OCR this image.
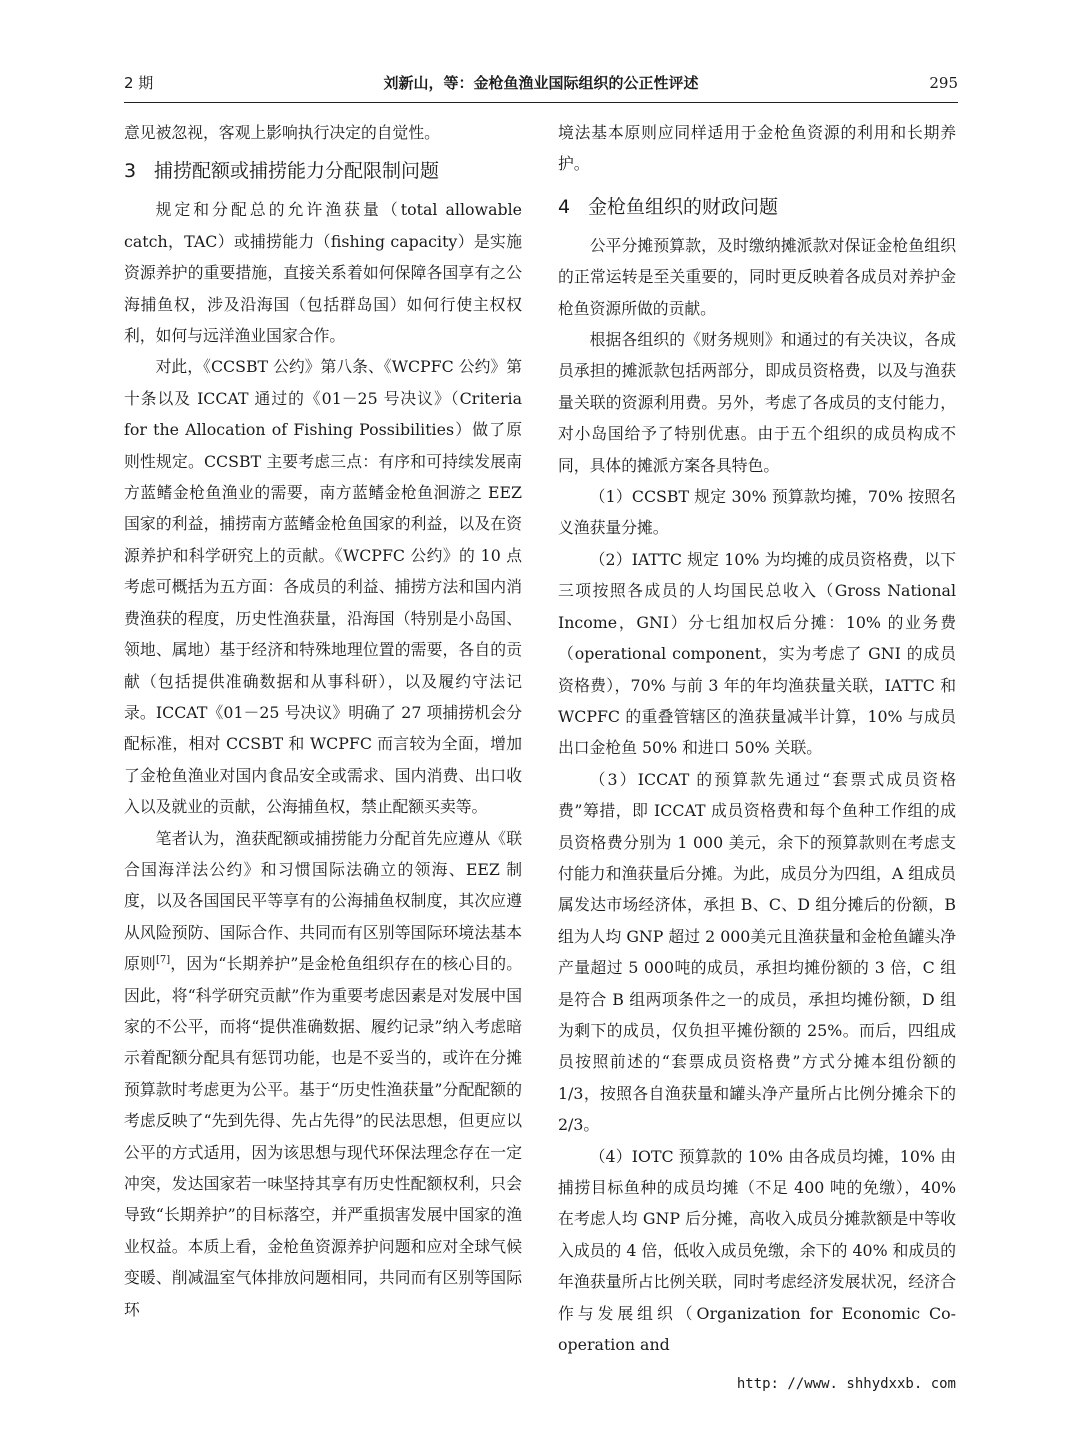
2 期	刘新山，等：金枪鱼渔业国际组织的公正性评述	295

意见被忽视，客观上影响执行决定的自觉性。

3 捕捞配额或捕捞能力分配限制问题

规定和分配总的允许渔获量（total allowable catch，TAC）或捕捞能力（fishing capacity）是实施资源养护的重要措施，直接关系着如何保障各国享有之公海捕鱼权，涉及沿海国（包括群岛国）如何行使主权权利，如何与远洋渔业国家合作。

对此，《CCSBT 公约》第八条、《WCPFC 公约》第十条以及 ICCAT 通过的《01－25 号决议》（Criteria for the Allocation of Fishing Possibilities）做了原则性规定。CCSBT 主要考虑三点：有序和可持续发展南方蓝鳍金枪鱼渔业的需要，南方蓝鳍金枪鱼洄游之 EEZ 国家的利益，捕捞南方蓝鳍金枪鱼国家的利益，以及在资源养护和科学研究上的贡献。《WCPFC 公约》的 10 点考虑可概括为五方面：各成员的利益、捕捞方法和国内消费渔获的程度，历史性渔获量，沿海国（特别是小岛国、领地、属地）基于经济和特殊地理位置的需要，各自的贡献（包括提供准确数据和从事科研），以及履约守法记录。ICCAT《01－25 号决议》明确了 27 项捕捞机会分配标准，相对 CCSBT 和 WCPFC 而言较为全面，增加了金枪鱼渔业对国内食品安全或需求、国内消费、出口收入以及就业的贡献，公海捕鱼权，禁止配额买卖等。

笔者认为，渔获配额或捕捞能力分配首先应遵从《联合国海洋法公约》和习惯国际法确立的领海、EEZ 制度，以及各国国民平等享有的公海捕鱼权制度，其次应遵从风险预防、国际合作、共同而有区别等国际环境法基本原则[7]，因为“长期养护”是金枪鱼组织存在的核心目的。因此，将“科学研究贡献”作为重要考虑因素是对发展中国家的不公平，而将“提供准确数据、履约记录”纳入考虑暗示着配额分配具有惩罚功能，也是不妥当的，或许在分摊预算款时考虑更为公平。基于“历史性渔获量”分配配额的考虑反映了“先到先得、先占先得”的民法思想，但更应以公平的方式适用，因为该思想与现代环保法理念存在一定冲突，发达国家若一味坚持其享有历史性配额权利，只会导致“长期养护”的目标落空，并严重损害发展中国家的渔业权益。本质上看，金枪鱼资源养护问题和应对全球气候变暖、削减温室气体排放问题相同，共同而有区别等国际环

境法基本原则应同样适用于金枪鱼资源的利用和长期养护。

4 金枪鱼组织的财政问题

公平分摊预算款，及时缴纳摊派款对保证金枪鱼组织的正常运转是至关重要的，同时更反映着各成员对养护金枪鱼资源所做的贡献。

根据各组织的《财务规则》和通过的有关决议，各成员承担的摊派款包括两部分，即成员资格费，以及与渔获量关联的资源利用费。另外，考虑了各成员的支付能力，对小岛国给予了特别优惠。由于五个组织的成员构成不同，具体的摊派方案各具特色。

（1）CCSBT 规定 30% 预算款均摊，70% 按照名义渔获量分摊。

（2）IATTC 规定 10% 为均摊的成员资格费，以下三项按照各成员的人均国民总收入（Gross National Income，GNI）分七组加权后分摊：10% 的业务费（operational component，实为考虑了 GNI 的成员资格费），70% 与前 3 年的年均渔获量关联，IATTC 和 WCPFC 的重叠管辖区的渔获量减半计算，10% 与成员出口金枪鱼 50% 和进口 50% 关联。

（3）ICCAT 的预算款先通过“套票式成员资格费”筹措，即 ICCAT 成员资格费和每个鱼种工作组的成员资格费分别为 1 000 美元，余下的预算款则在考虑支付能力和渔获量后分摊。为此，成员分为四组，A 组成员属发达市场经济体，承担 B、C、D 组分摊后的份额，B 组为人均 GNP 超过 2 000美元且渔获量和金枪鱼罐头净产量超过 5 000吨的成员，承担均摊份额的 3 倍，C 组是符合 B 组两项条件之一的成员，承担均摊份额，D 组为剩下的成员，仅负担平摊份额的 25%。而后，四组成员按照前述的“套票成员资格费”方式分摊本组份额的 1/3，按照各自渔获量和罐头净产量所占比例分摊余下的 2/3。

（4）IOTC 预算款的 10% 由各成员均摊，10% 由捕捞目标鱼种的成员均摊（不足 400 吨的免缴），40% 在考虑人均 GNP 后分摊，高收入成员分摊款额是中等收入成员的 4 倍，低收入成员免缴，余下的 40% 和成员的年渔获量所占比例关联，同时考虑经济发展状况，经济合作与发展组织（Organization for Economic Co-operation and

http: //www. shhydxxb. com
